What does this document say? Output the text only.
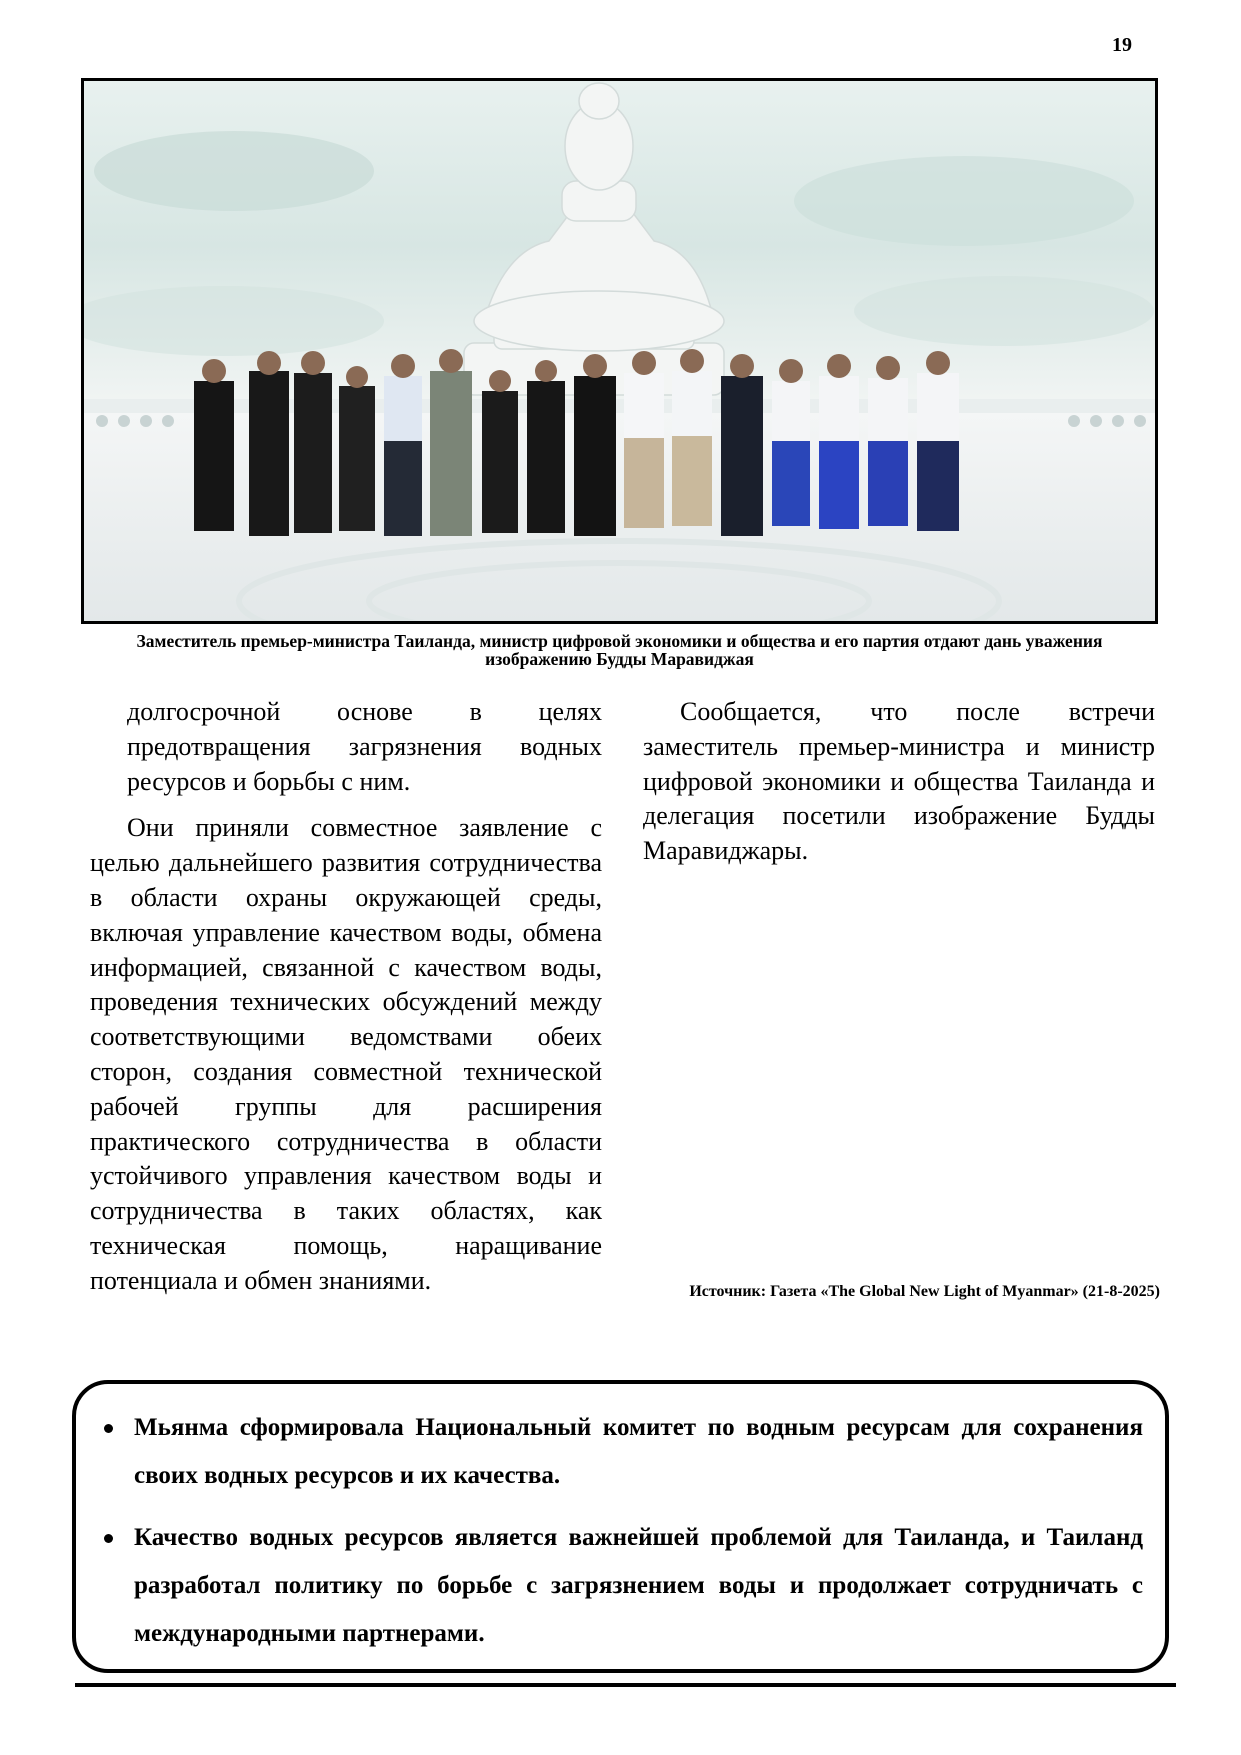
19
Заместитель премьер-министра Таиланда, министр цифровой экономики и общества и его партия отдают дань уважения изображению Будды Маравиджая

долгосрочной основе в целях предотвращения загрязнения водных ресурсов и борьбы с ним.

Они приняли совместное заявление с целью дальнейшего развития сотрудничества в области охраны окружающей среды, включая управление качеством воды, обмена информацией, связанной с качеством воды, проведения технических обсуждений между соответствующими ведомствами обеих сторон, создания совместной технической рабочей группы для расширения практического сотрудничества в области устойчивого управления качеством воды и сотрудничества в таких областях, как техническая помощь, наращивание потенциала и обмен знаниями.

Сообщается, что после встречи заместитель премьер-министра и министр цифровой экономики и общества Таиланда и делегация посетили изображение Будды Маравиджары.

Источник: Газета «The Global New Light of Myanmar» (21-8-2025)
Мьянма сформировала Национальный комитет по водным ресурсам для сохранения своих водных ресурсов и их качества.
Качество водных ресурсов является важнейшей проблемой для Таиланда, и Таиланд разработал политику по борьбе с загрязнением воды и продолжает сотрудничать с международными партнерами.
